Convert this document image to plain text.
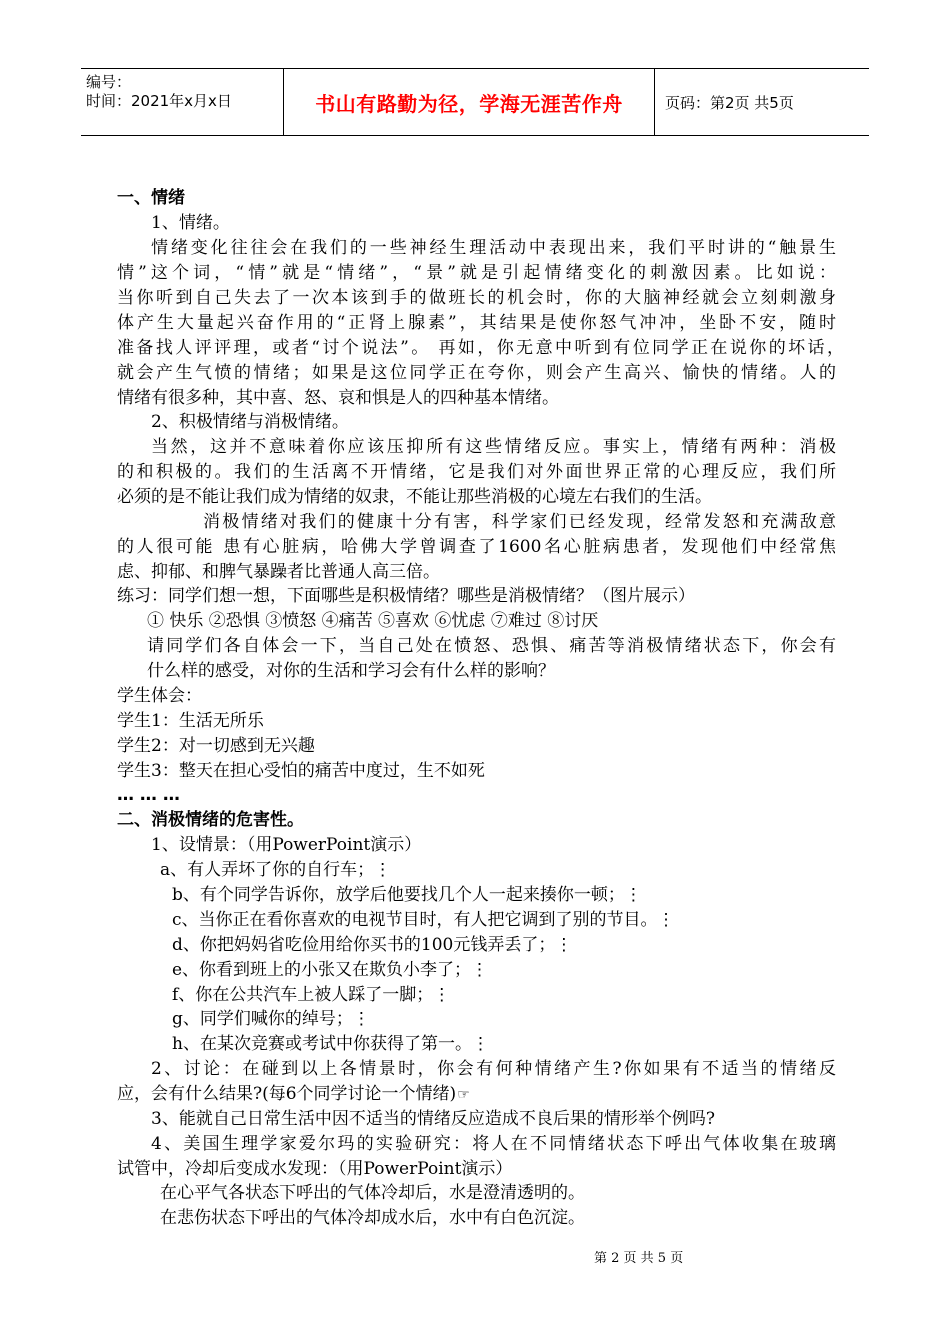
编号：
时间：2021年x月x日	书山有路勤为径，学海无涯苦作舟	页码：第2页 共5页
一、情绪
1、情绪。
情绪变化往往会在我们的一些神经生理活动中表现出来，我们平时讲的“触景生
情”这个词，“情”就是“情绪”，“景”就是引起情绪变化的刺激因素。比如说：
当你听到自己失去了一次本该到手的做班长的机会时，你的大脑神经就会立刻刺激身
体产生大量起兴奋作用的“正肾上腺素”，其结果是使你怒气冲冲，坐卧不安，随时
准备找人评评理，或者“讨个说法”。 再如，你无意中听到有位同学正在说你的坏话，
就会产生气愤的情绪；如果是这位同学正在夸你，则会产生高兴、愉快的情绪。人的
情绪有很多种，其中喜、怒、哀和惧是人的四种基本情绪。
2、积极情绪与消极情绪。
当然，这并不意味着你应该压抑所有这些情绪反应。事实上，情绪有两种：消极
的和积极的。我们的生活离不开情绪，它是我们对外面世界正常的心理反应，我们所
必须的是不能让我们成为情绪的奴隶，不能让那些消极的心境左右我们的生活。
消极情绪对我们的健康十分有害，科学家们已经发现，经常发怒和充满敌意
的人很可能 患有心脏病，哈佛大学曾调查了1600名心脏病患者，发现他们中经常焦
虑、抑郁、和脾气暴躁者比普通人高三倍。
练习：同学们想一想，下面哪些是积极情绪？哪些是消极情绪？（图片展示）
① 快乐 ②恐惧 ③愤怒 ④痛苦 ⑤喜欢 ⑥忧虑 ⑦难过 ⑧讨厌
请同学们各自体会一下，当自己处在愤怒、恐惧、痛苦等消极情绪状态下，你会有
什么样的感受，对你的生活和学习会有什么样的影响？
学生体会：
学生1：生活无所乐
学生2：对一切感到无兴趣
学生3：整天在担心受怕的痛苦中度过，生不如死
… … …
二、消极情绪的危害性。
1、设情景：（用PowerPoint演示）
a、有人弄坏了你的自行车；⋮
b、有个同学告诉你，放学后他要找几个人一起来揍你一顿；⋮
c、当你正在看你喜欢的电视节目时，有人把它调到了别的节目。⋮
d、你把妈妈省吃俭用给你买书的100元钱弄丢了；⋮
e、你看到班上的小张又在欺负小李了；⋮
f、你在公共汽车上被人踩了一脚；⋮
g、同学们喊你的绰号；⋮
h、在某次竞赛或考试中你获得了第一。⋮
2、讨论：在碰到以上各情景时，你会有何种情绪产生?你如果有不适当的情绪反
应，会有什么结果?(每6个同学讨论一个情绪)☞
3、能就自己日常生活中因不适当的情绪反应造成不良后果的情形举个例吗?
4、美国生理学家爱尔玛的实验研究：将人在不同情绪状态下呼出气体收集在玻璃
试管中，冷却后变成水发现：（用PowerPoint演示）
在心平气各状态下呼出的气体冷却后，水是澄清透明的。
在悲伤状态下呼出的气体冷却成水后，水中有白色沉淀。
第 2 页 共 5 页
